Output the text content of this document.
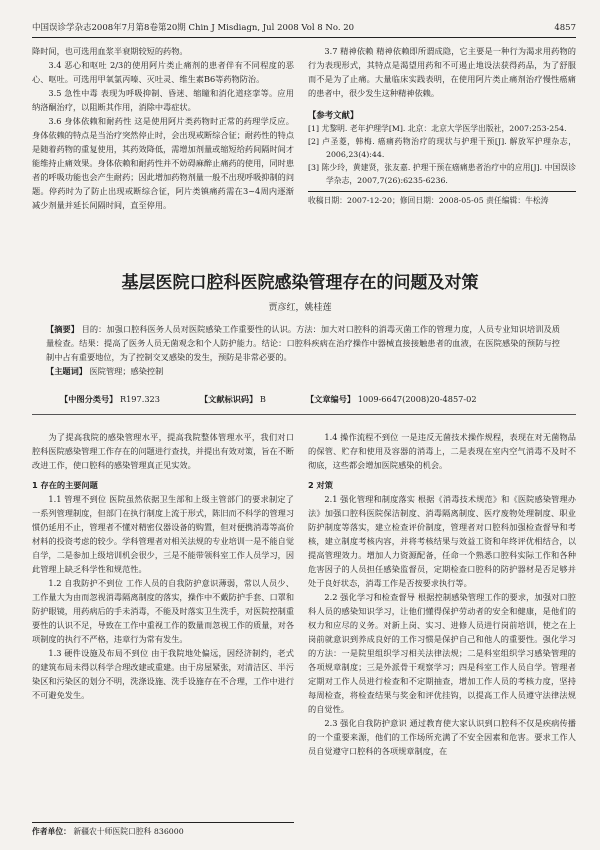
中国误诊学杂志2008年7月第8卷第20期 Chin J Misdiagn, Jul 2008 Vol 8 No. 20	4857

降时间，也可选用血浆半衰期较短的药物。

3.4 恶心和呕吐 2/3的使用阿片类止痛剂的患者伴有不同程度的恶心、呕吐。可选用甲氧氯丙嗪、灭吐灵、维生素B6等药物防治。

3.5 急性中毒 表现为呼吸抑制、昏迷、缩瞳和消化道痉挛等。应用纳洛酮治疗，以阻断其作用，消除中毒症状。

3.6 身体依赖和耐药性 这是使用阿片类药物时正常的药理学反应。身体依赖的特点是当治疗突然停止时，会出现戒断综合征；耐药性的特点是随着药物的重复使用，其药效降低，需增加剂量或缩短给药间隔时间才能维持止痛效果。身体依赖和耐药性并不妨碍麻醉止痛药的使用，同时患者的呼吸功能也会产生耐药；因此增加药物剂量一般不出现呼吸抑制的问题。停药时为了防止出现戒断综合征，阿片类镇痛药需在3~4周内逐渐减少剂量并延长间隔时间，直至停用。

3.7 精神依赖 精神依赖即所谓成隐，它主要是一种行为渴求用药物的行为表现形式，其特点是渴望用药和不可遏止地设法获得药品，为了舒服而不是为了止痛。大量临床实践表明，在使用阿片类止痛剂治疗慢性癌痛的患者中，很少发生这种精神依赖。

【参考文献】
[1] 尤黎明. 老年护理学[M]. 北京：北京大学医学出版社，2007:253-254.
[2] 卢圣菱，韩梅. 癌痛药物治疗的现状与护理干预[J]. 解放军护理杂志，2006,23(4):44.
[3] 陈少玲，黄建贤，张友嘉. 护理干预在癌痛患者治疗中的应用[J]. 中国误诊学杂志，2007,7(26):6235-6236.
收稿日期：2007-12-20；修回日期：2008-05-05 责任编辑：牛松涛
基层医院口腔科医院感染管理存在的问题及对策
贾彦红，姚桂莲
【摘要】 目的：加强口腔科医务人员对医院感染工作重要性的认识。方法：加大对口腔科的消毒灭菌工作的管理力度，人员专业知识培训及质量检查。结果：提高了医务人员无菌观念和个人防护能力。结论：口腔科疾病在治疗操作中器械直接接触患者的血液，在医院感染的预防与控制中占有重要地位，为了控制交叉感染的发生，预防是非常必要的。
【主题词】 医院管理；感染控制
【中图分类号】 R197.323	【文献标识码】 B	【文章编号】 1009-6647(2008)20-4857-02

为了提高我院的感染管理水平，提高我院整体管理水平，我们对口腔科医院感染管理工作存在的问题进行查找，并提出有效对策，旨在不断改进工作，使口腔科的感染管理真正见实效。

1 存在的主要问题

1.1 管理不到位 医院虽然依据卫生部和上级主管部门的要求制定了一系列管理制度，但部门在执行制度上流于形式，陈旧而不科学的管理习惯仍延用不止，管理者不懂对精密仪器设备的购置，但对便携消毒等高价材料的投资考虑的较少。学科管理者对相关法规的专业培训一是不能自觉自学，二是参加上级培训机会很少，三是不能带领科室工作人员学习，因此管理上缺乏科学性和规范性。

1.2 自我防护不到位 工作人员的自我防护意识薄弱，常以人员少、工作量大为由而忽视消毒隔离制度的落实，操作中不戴防护手套、口罩和防护眼镜，用药病后的手未消毒，不能及时落实卫生洗手，对医院控制重要性的认识不足，导致在工作中重视工作的数量而忽视工作的质量，对各项制度的执行不严格，违章行为常有发生。

1.3 硬件设施及布局不到位 由于我院地处偏远，因经济制约，老式的建筑布局未得以科学合理改建或重建。由于房屋紧张，对清洁区、半污染区和污染区的划分不明，洗涤设施、洗手设施存在不合理，工作中进行不可避免发生。

1.4 操作流程不到位 一是违反无菌技术操作规程，表现在对无菌物品的保管、贮存和使用及容器的消毒上，二是表现在室内空气消毒不及时不彻底，这些都会增加医院感染的机会。

2 对策

2.1 强化管理和制度落实 根据《消毒技术规范》和《医院感染管理办法》加强口腔科医院保洁制度、消毒隔离制度、医疗废物处理制度、职业防护制度等落实，建立检查评价制度，管理者对口腔科加强检查督导和考核，建立制度考核内容，并将考核结果与效益工资和年终评优相结合，以提高管理效力。增加人力资源配备，任命一个熟悉口腔科实际工作和各种危害因子的人员担任感染监督员，定期检查口腔科的防护器材是否足够并处于良好状态，消毒工作是否按要求执行等。

2.2 强化学习和检查督导 根据控制感染管理工作的要求，加强对口腔科人员的感染知识学习，让他们懂得保护劳动者的安全和健康，是他们的权力和应尽的义务。对新上岗、实习、进修人员进行岗前培训，使之在上岗前就意识到养成良好的工作习惯是保护自己和他人的重要性。强化学习的方法：一是院里组织学习相关法律法规；二是科室组织学习感染管理的各项规章制度；三是外派骨干观察学习；四是科室工作人员自学。管理者定期对工作人员进行检查和不定期抽查，增加工作人员的考核力度，坚持每周检查，将检查结果与奖金和评优挂钩，以提高工作人员遵守法律法规的自觉性。

2.3 强化自我防护意识 通过教育使大家认识到口腔科不仅是疾病传播的一个重要来源，他们的工作场所充满了不安全因素和危害。要求工作人员自觉遵守口腔科的各项规章制度，在

作者单位： 新疆农十师医院口腔科 836000
